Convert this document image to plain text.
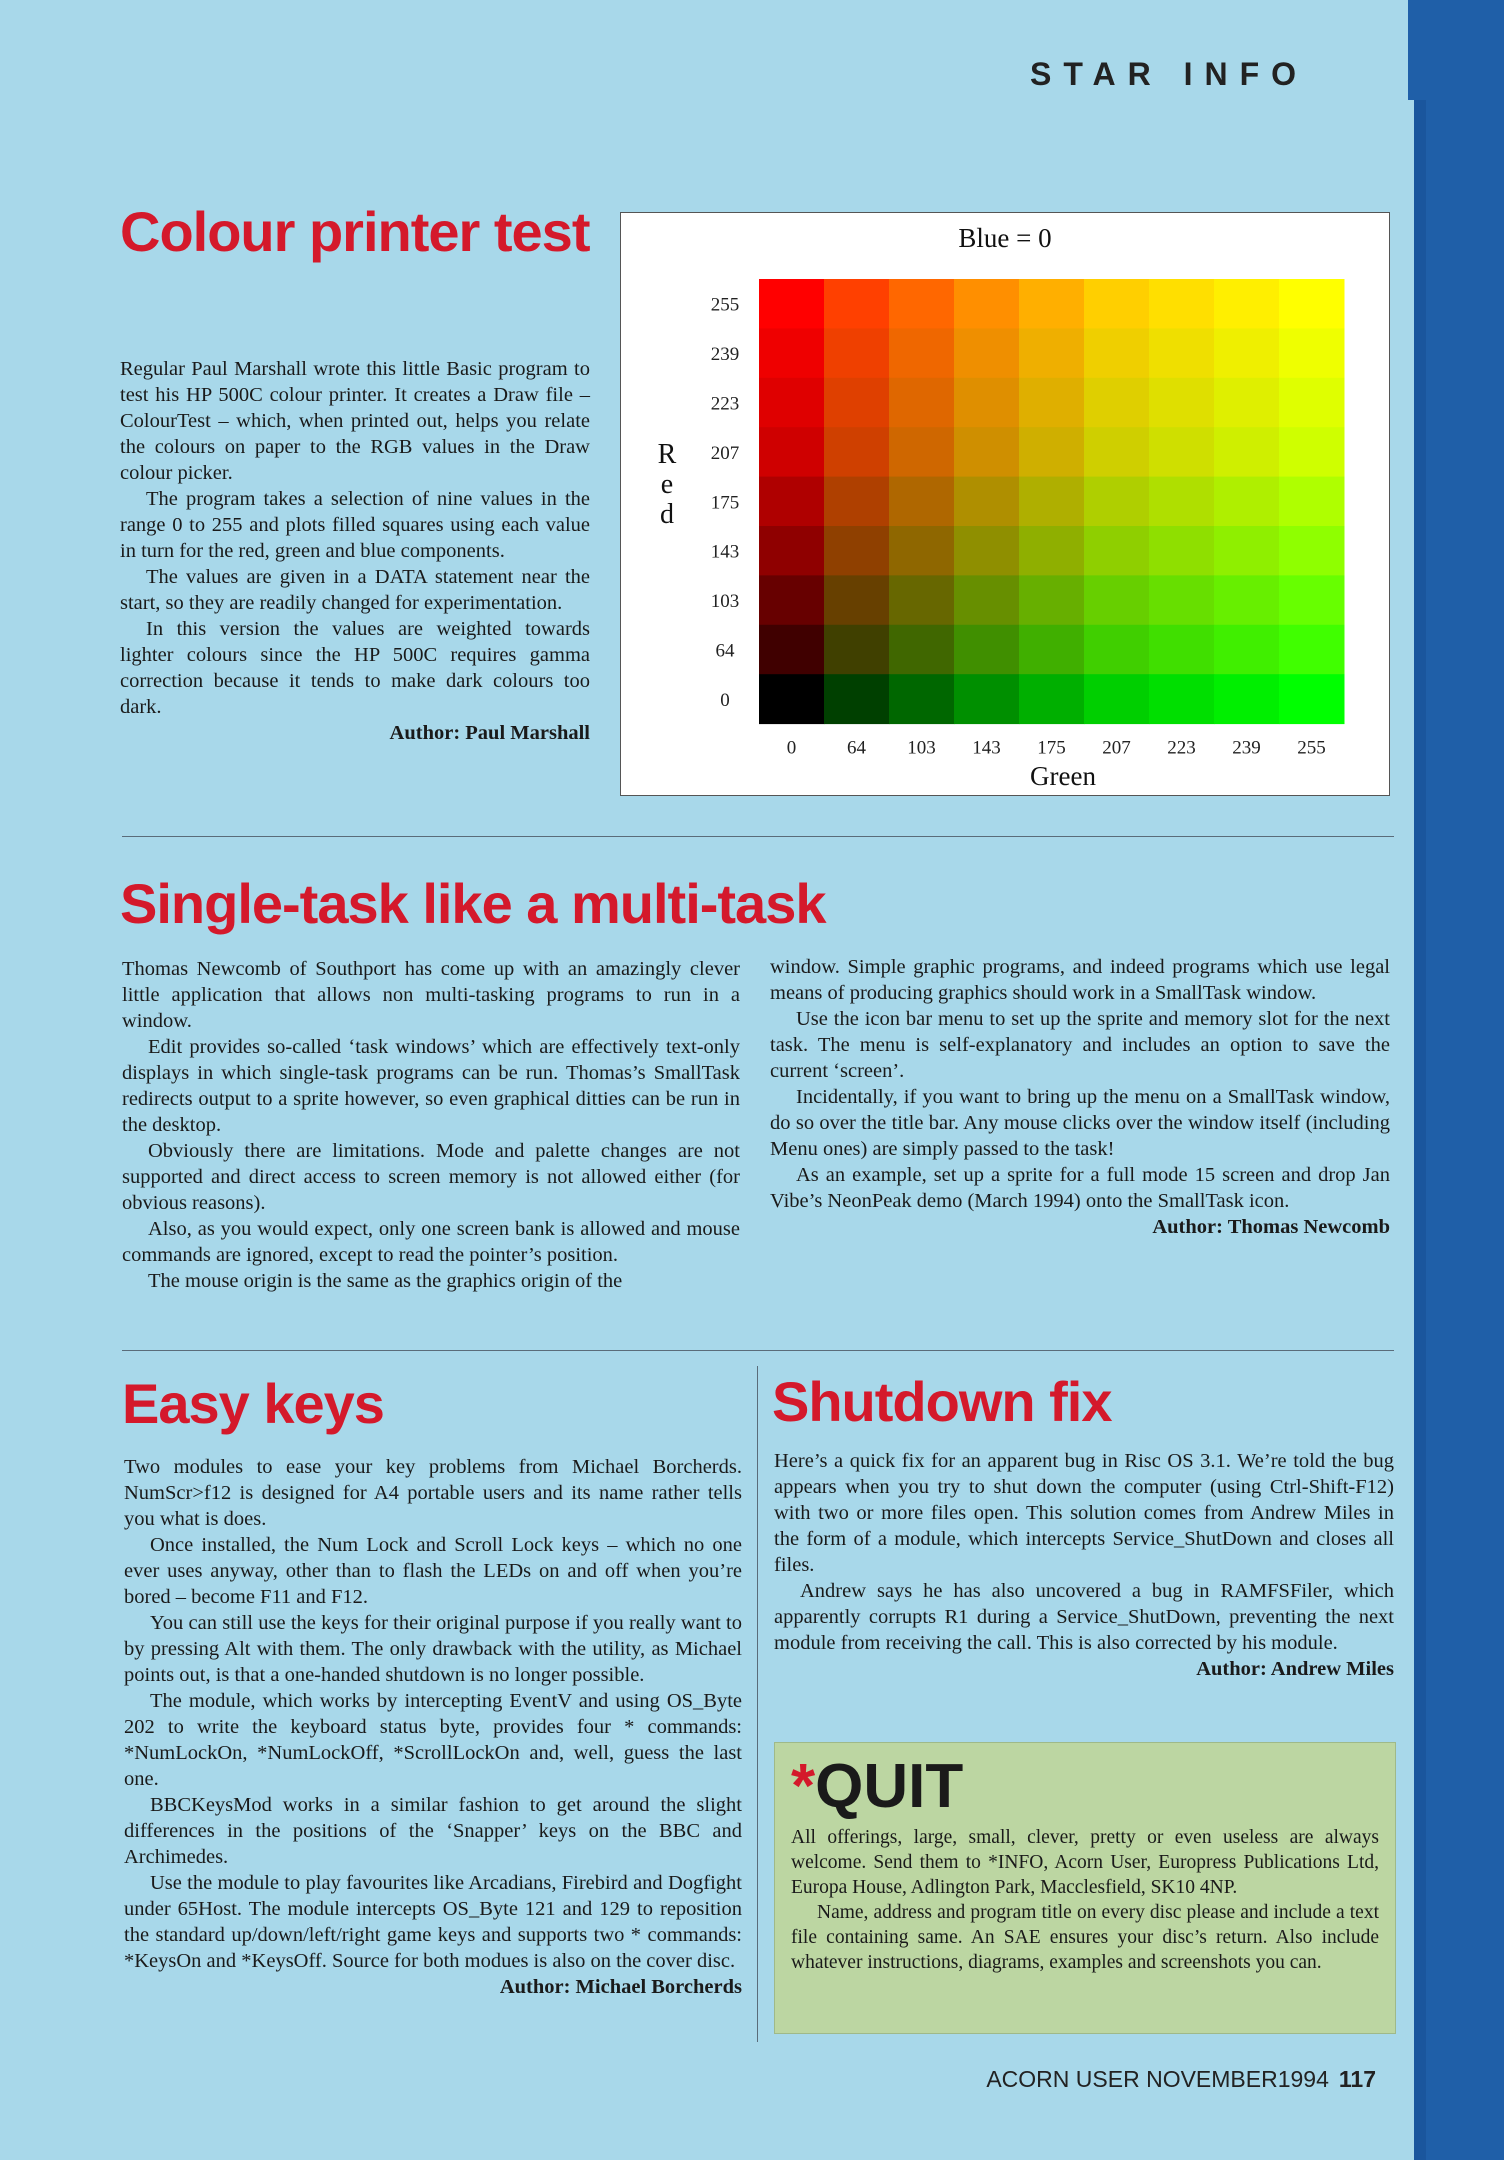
STAR INFO
Colour printer test

Regular Paul Marshall wrote this little Basic program to test his HP 500C colour printer. It creates a Draw file – ColourTest – which, when printed out, helps you relate the colours on paper to the RGB values in the Draw colour picker.

The program takes a selection of nine values in the range 0 to 255 and plots filled squares using each value in turn for the red, green and blue components.

The values are given in a DATA statement near the start, so they are readily changed for experimentation.

In this version the values are weighted towards lighter colours since the HP 500C requires gamma correction because it tends to make dark colours too dark.

Author: Paul Marshall
255
239
223
207
175
143
103
64
0
0	64 103 143 175 207 223 239 255
Blue = 0
Green
R
e
d
Single-task like a multi-task

Thomas Newcomb of Southport has come up with an amazingly clever little application that allows non multi-tasking programs to run in a window.

Edit provides so-called ‘task windows’ which are effectively text-only displays in which single-task programs can be run. Thomas’s SmallTask redirects output to a sprite however, so even graphical ditties can be run in the desktop.

Obviously there are limitations. Mode and palette changes are not supported and direct access to screen memory is not allowed either (for obvious reasons).

Also, as you would expect, only one screen bank is allowed and mouse commands are ignored, except to read the pointer’s position.

The mouse origin is the same as the graphics origin of the

window. Simple graphic programs, and indeed programs which use legal means of producing graphics should work in a SmallTask window.

Use the icon bar menu to set up the sprite and memory slot for the next task. The menu is self-explanatory and includes an option to save the current ‘screen’.

Incidentally, if you want to bring up the menu on a SmallTask window, do so over the title bar. Any mouse clicks over the window itself (including Menu ones) are simply passed to the task!

As an example, set up a sprite for a full mode 15 screen and drop Jan Vibe’s NeonPeak demo (March 1994) onto the SmallTask icon.

Author: Thomas Newcomb
Easy keys

Two modules to ease your key problems from Michael Borcherds. NumScr>f12 is designed for A4 portable users and its name rather tells you what is does.

Once installed, the Num Lock and Scroll Lock keys – which no one ever uses anyway, other than to flash the LEDs on and off when you’re bored – become F11 and F12.

You can still use the keys for their original purpose if you really want to by pressing Alt with them. The only drawback with the utility, as Michael points out, is that a one-handed shutdown is no longer possible.

The module, which works by intercepting EventV and using OS_Byte 202 to write the keyboard status byte, provides four * commands: *NumLockOn, *NumLockOff, *ScrollLockOn and, well, guess the last one.

BBCKeysMod works in a similar fashion to get around the slight differences in the positions of the ‘Snapper’ keys on the BBC and Archimedes.

Use the module to play favourites like Arcadians, Firebird and Dogfight under 65Host. The module intercepts OS_Byte 121 and 129 to reposition the standard up/down/left/right game keys and supports two * commands: *KeysOn and *KeysOff. Source for both modues is also on the cover disc.

Author: Michael Borcherds
Shutdown fix

Here’s a quick fix for an apparent bug in Risc OS 3.1. We’re told the bug appears when you try to shut down the computer (using Ctrl-Shift-F12) with two or more files open. This solution comes from Andrew Miles in the form of a module, which intercepts Service_ShutDown and closes all files.

Andrew says he has also uncovered a bug in RAMFSFiler, which apparently corrupts R1 during a Service_ShutDown, preventing the next module from receiving the call. This is also corrected by his module.

Author: Andrew Miles
*QUIT

All offerings, large, small, clever, pretty or even useless are always welcome. Send them to *INFO, Acorn User, Europress Publications Ltd, Europa House, Adlington Park, Macclesfield, SK10 4NP.

Name, address and program title on every disc please and include a text file containing same. An SAE ensures your disc’s return. Also include whatever instructions, diagrams, examples and screenshots you can.

ACORN USER NOVEMBER1994 117
